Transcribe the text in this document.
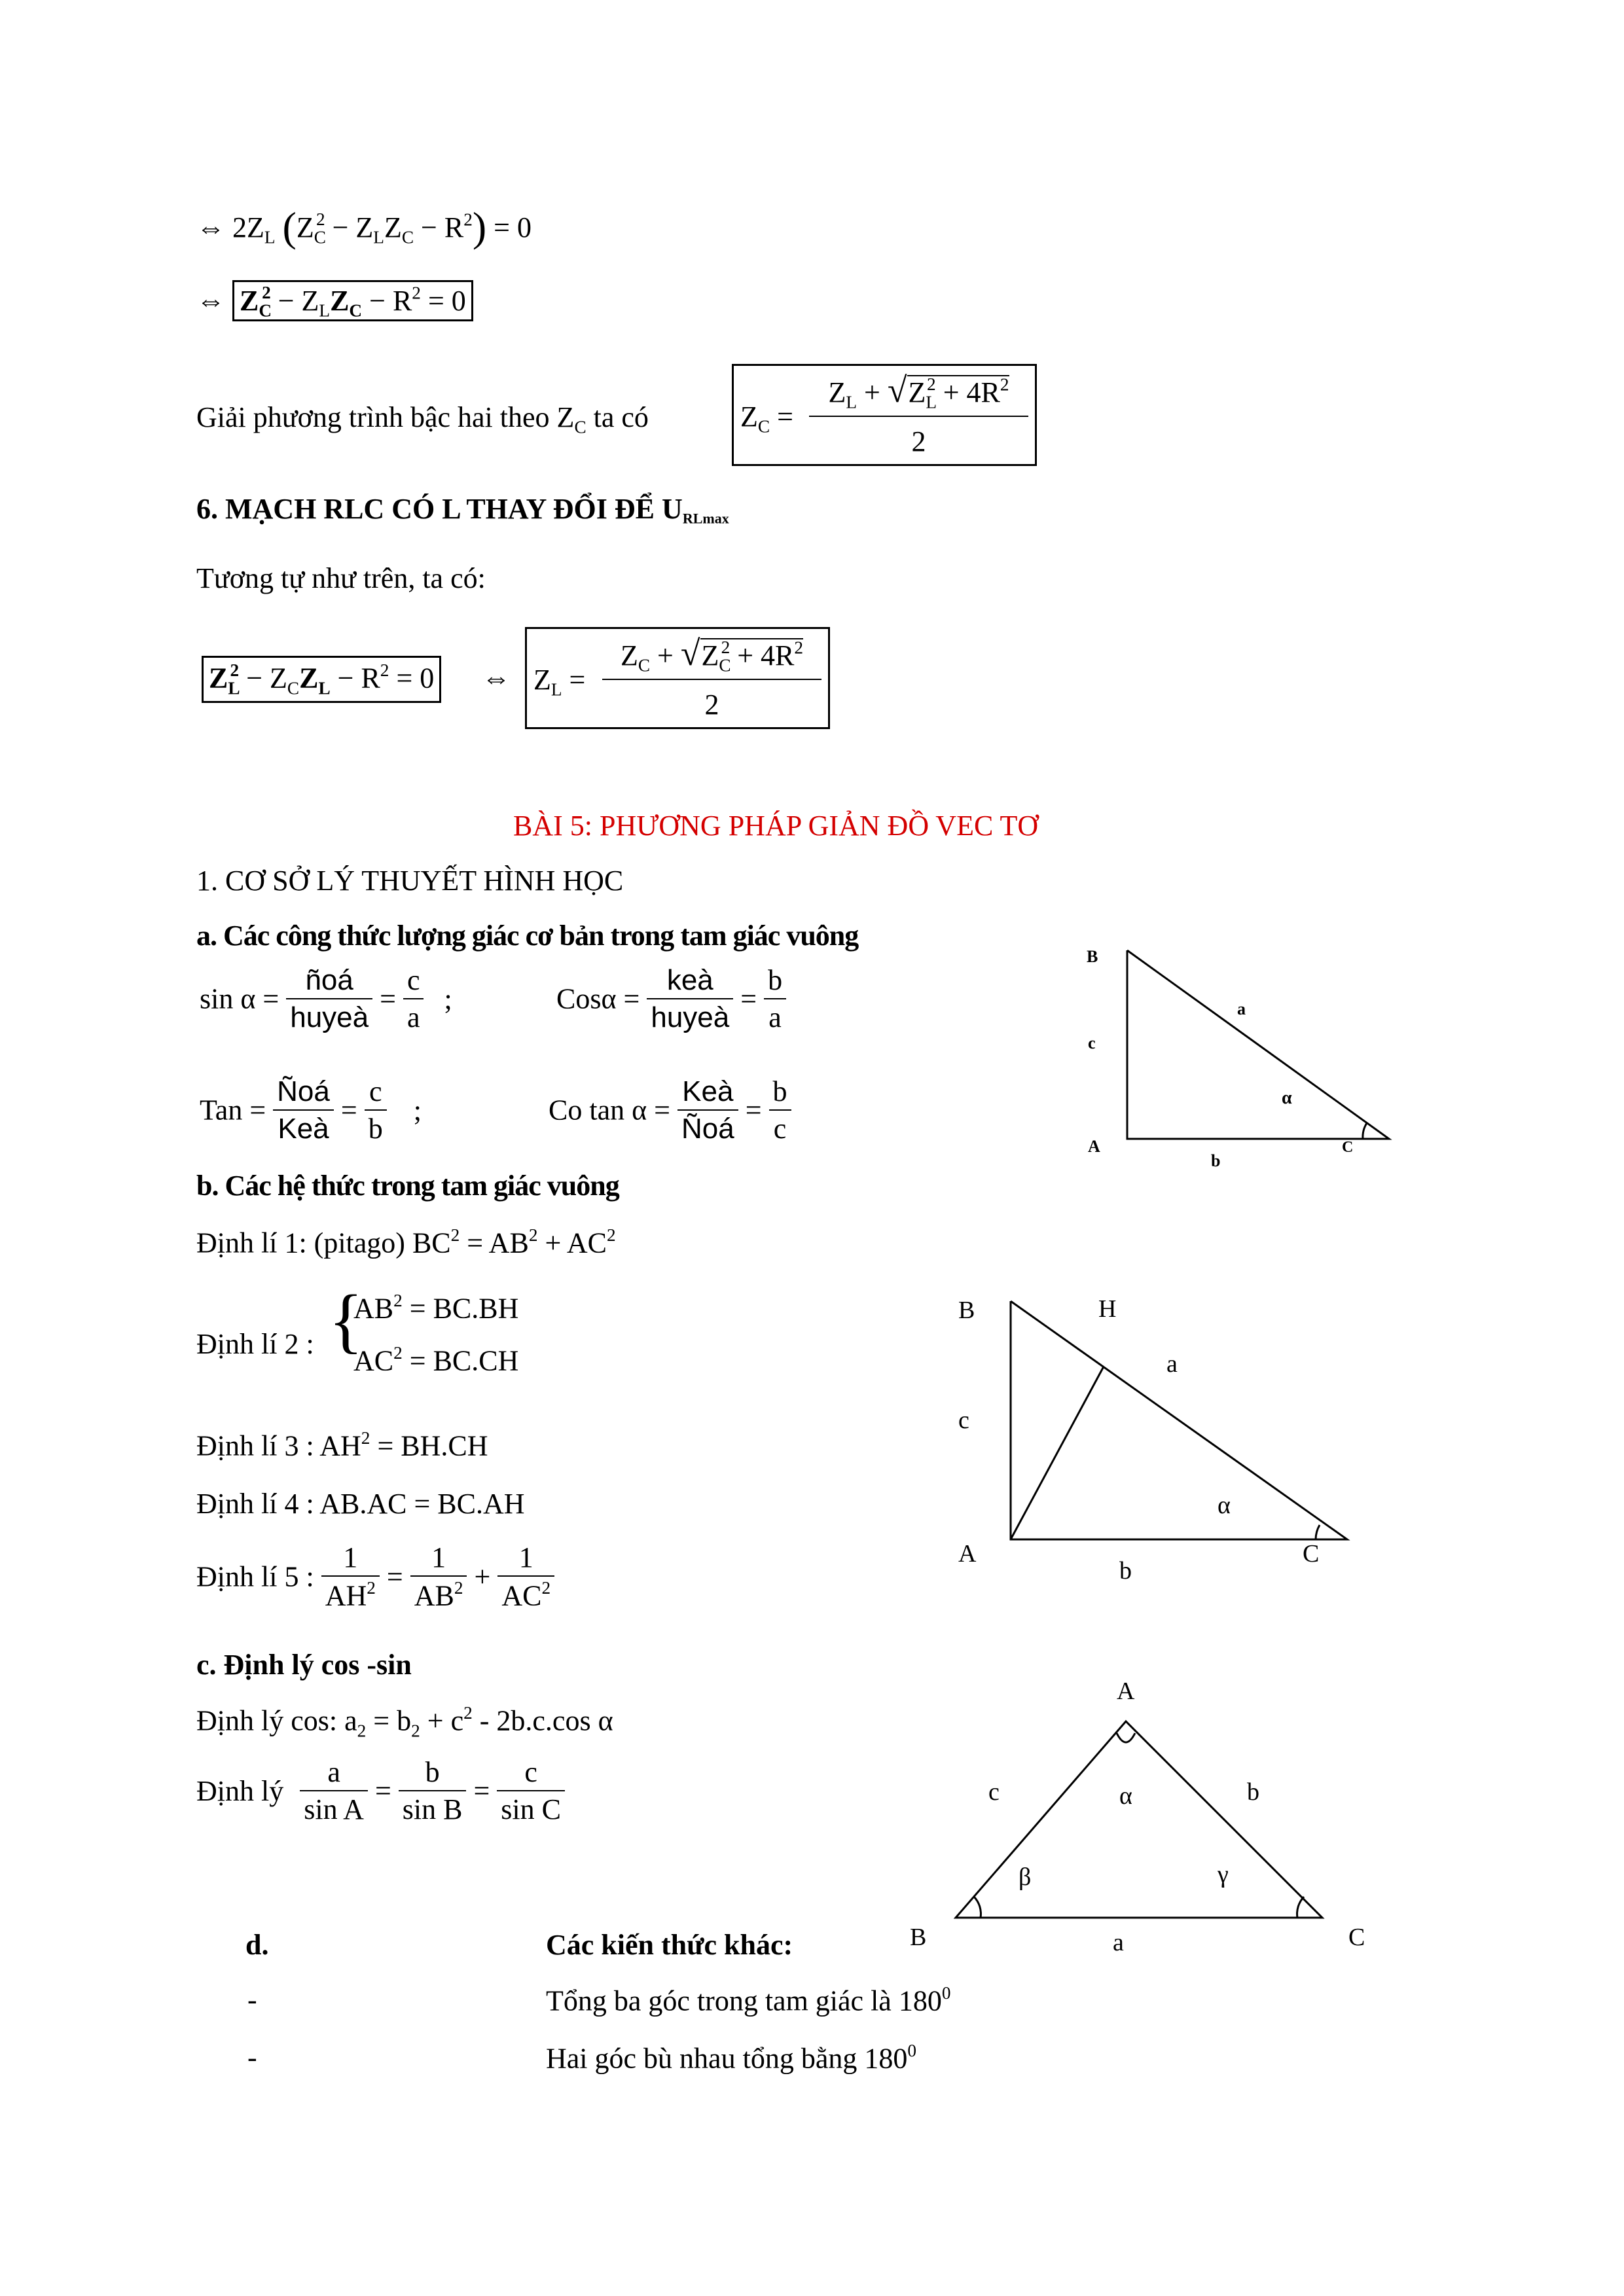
⇔ $2Z_L$ $(Z_C^2 - Z_LZ_C - R^2) = 0$
⇔ $Z_C^2 - Z_LZ_C - R^2 = 0$
Giải phương trình bậc hai theo $Z_C$ ta có	$Z_C$ =
$Z_L + √Z_L^2 + 4R^2$
2
6. MẠCH RLC CÓ L THAY ĐỔI ĐỂ $U_{RLmax}$
Tương tự như trên, ta có:
$Z_L^2 - Z_CZ_L - R^2 = 0$ ⇔ $Z_L$ =
$Z_C + √Z_C^2 + 4R^2$
2
BÀI 5: PHƯƠNG PHÁP GIẢN ĐỒ VEC TƠ
1. CƠ SỞ LÝ THUYẾT HÌNH HỌC
a. Các công thức lượng giác cơ bản trong tam giác vuông
$\sin \alpha = \frac{\text{ñoá}}{\text{huyeà}} = \frac{c}{a}$ ;	$Cos\alpha = \frac{\text{keà}}{\text{huyeà}} = \frac{b}{a}$
Tan = $\frac{\text{Ñoá}}{\text{Keà}} = \frac{c}{b}$ ;	Co $\tan \alpha = \frac{\text{Keà}}{\text{Ñoá}} = \frac{b}{c}$
B
c
A
b
C
a
α
b. Các hệ thức trong tam giác vuông
Định lí 1: (pitago) $BC^2 = AB^2 + AC^2$
Định lí 2 : {
$AB^2 = BC.BH$
$AC^2 = BC.CH$
Định lí 3 : $AH^2 = BH.CH$
Định lí 4 : AB.AC = BC.AH
Định lí 5 : $\frac{1}{AH^2} = \frac{1}{AB^2} + \frac{1}{AC^2}$
B	H
a
c
α
A
b
C
c. Định lý cos -sin
Định lý cos: $a_2 = b_2 + c^2 - 2b.c.\cos$ α
Định lý $\frac{a}{\text{sin A}} = \frac{b}{\text{sin B}} = \frac{c}{\text{sin C}}$
A
c	b
α
β	γ
B	a	C
d.	Các kiến thức khác:
-	Tổng ba góc trong tam giác là $180^0$
-	Hai góc bù nhau tổng bằng $180^0$
